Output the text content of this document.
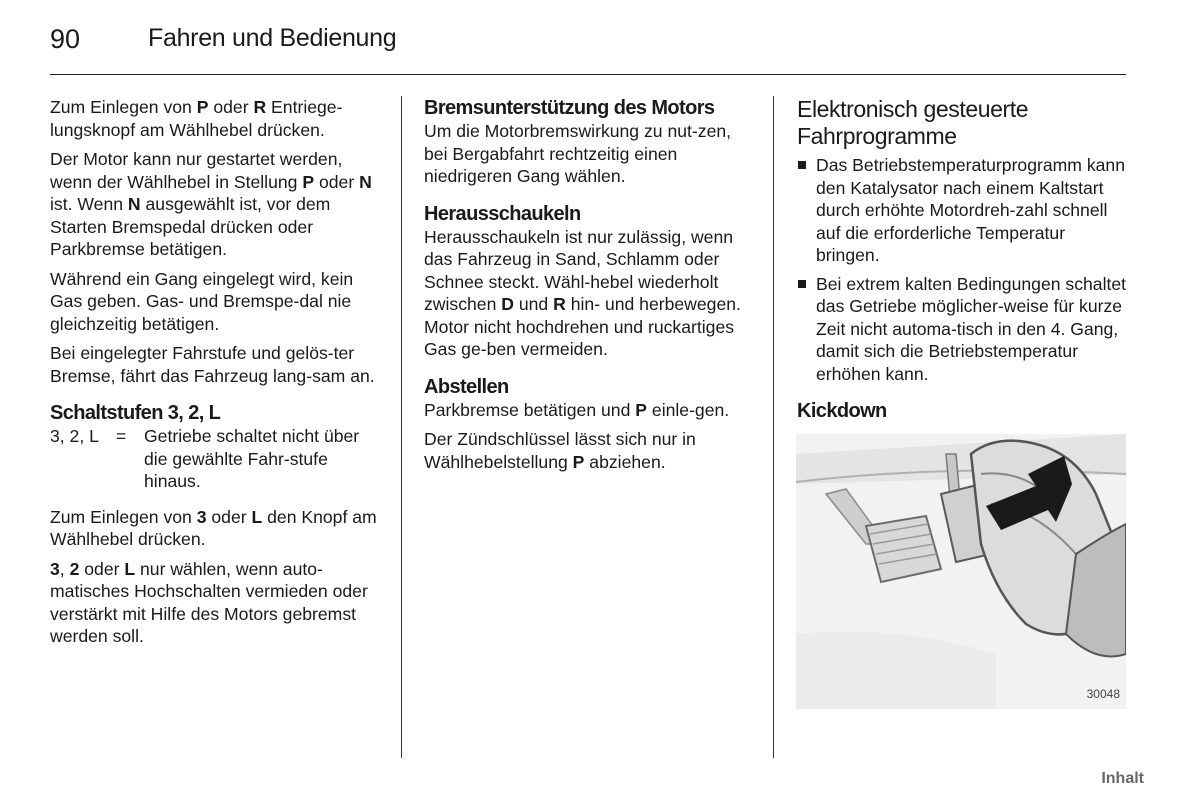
90	Fahren und Bedienung

Zum Einlegen von P oder R Entriege-lungsknopf am Wählhebel drücken.

Der Motor kann nur gestartet werden, wenn der Wählhebel in Stellung P oder N ist. Wenn N ausgewählt ist, vor dem Starten Bremspedal drücken oder Parkbremse betätigen.

Während ein Gang eingelegt wird, kein Gas geben. Gas- und Bremspe-dal nie gleichzeitig betätigen.

Bei eingelegter Fahrstufe und gelös-ter Bremse, fährt das Fahrzeug lang-sam an.

Schaltstufen 3, 2, L
3, 2, L =	Getriebe schaltet nicht über die gewählte Fahr-stufe hinaus.

Zum Einlegen von 3 oder L den Knopf am Wählhebel drücken.

3, 2 oder L nur wählen, wenn auto-matisches Hochschalten vermieden oder verstärkt mit Hilfe des Motors gebremst werden soll.

Bremsunterstützung des Motors

Um die Motorbremswirkung zu nut-zen, bei Bergabfahrt rechtzeitig einen niedrigeren Gang wählen.

Herausschaukeln

Herausschaukeln ist nur zulässig, wenn das Fahrzeug in Sand, Schlamm oder Schnee steckt. Wähl-hebel wiederholt zwischen D und R hin- und herbewegen. Motor nicht hochdrehen und ruckartiges Gas ge-ben vermeiden.

Abstellen

Parkbremse betätigen und P einle-gen.

Der Zündschlüssel lässt sich nur in Wählhebelstellung P abziehen.

Elektronisch gesteuerte Fahrprogramme
Das Betriebstemperaturprogramm kann den Katalysator nach einem Kaltstart durch erhöhte Motordreh-zahl schnell auf die erforderliche Temperatur bringen.
Bei extrem kalten Bedingungen schaltet das Getriebe möglicher-weise für kurze Zeit nicht automa-tisch in den 4. Gang, damit sich die Betriebstemperatur erhöhen kann.
Kickdown
30048
Inhalt
